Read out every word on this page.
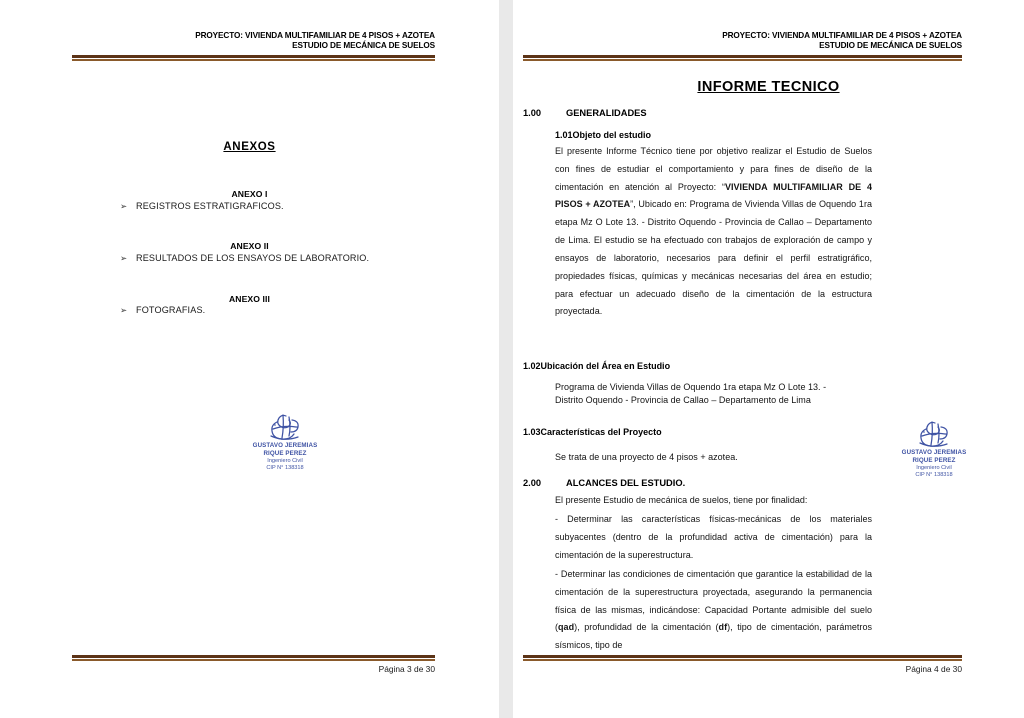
PROYECTO: VIVIENDA MULTIFAMILIAR DE 4 PISOS + AZOTEA
ESTUDIO DE MECÁNICA DE SUELOS
ANEXOS
ANEXO I
➢ REGISTROS ESTRATIGRAFICOS.
ANEXO II
➢ RESULTADOS DE LOS ENSAYOS DE LABORATORIO.
ANEXO III
➢ FOTOGRAFIAS.
GUSTAVO JEREMIAS
RIQUE PEREZ
Ingeniero Civil
CIP N° 138318
Página 3 de 30
PROYECTO: VIVIENDA MULTIFAMILIAR DE 4 PISOS + AZOTEA
ESTUDIO DE MECÁNICA DE SUELOS
INFORME TECNICO
1.00	GENERALIDADES
1.01Objeto del estudio
El presente Informe Técnico tiene por objetivo realizar el Estudio de Suelos con fines de estudiar el comportamiento y para fines de diseño de la cimentación en atención al Proyecto: “VIVIENDA MULTIFAMILIAR DE 4 PISOS + AZOTEA”, Ubicado en: Programa de Vivienda Villas de Oquendo 1ra etapa Mz O Lote 13. - Distrito Oquendo - Provincia de Callao – Departamento de Lima. El estudio se ha efectuado con trabajos de exploración de campo y ensayos de laboratorio, necesarios para definir el perfil estratigráfico, propiedades físicas, químicas y mecánicas necesarias del área en estudio; para efectuar un adecuado diseño de la cimentación de la estructura proyectada.
1.02Ubicación del Área en Estudio
Programa de Vivienda Villas de Oquendo 1ra etapa Mz O Lote 13. -
Distrito Oquendo - Provincia de Callao – Departamento de Lima
1.03Características del Proyecto
Se trata de una proyecto de 4 pisos + azotea.
2.00	ALCANCES DEL ESTUDIO.
El presente Estudio de mecánica de suelos, tiene por finalidad:
- Determinar las características físicas-mecánicas de los materiales subyacentes (dentro de la profundidad activa de cimentación) para la cimentación de la superestructura.
- Determinar las condiciones de cimentación que garantice la estabilidad de la cimentación de la superestructura proyectada, asegurando la permanencia física de las mismas, indicándose: Capacidad Portante admisible del suelo (qad), profundidad de la cimentación (df), tipo de cimentación, parámetros sísmicos, tipo de
GUSTAVO JEREMIAS
RIQUE PEREZ
Ingeniero Civil
CIP N° 138318
Página 4 de 30
